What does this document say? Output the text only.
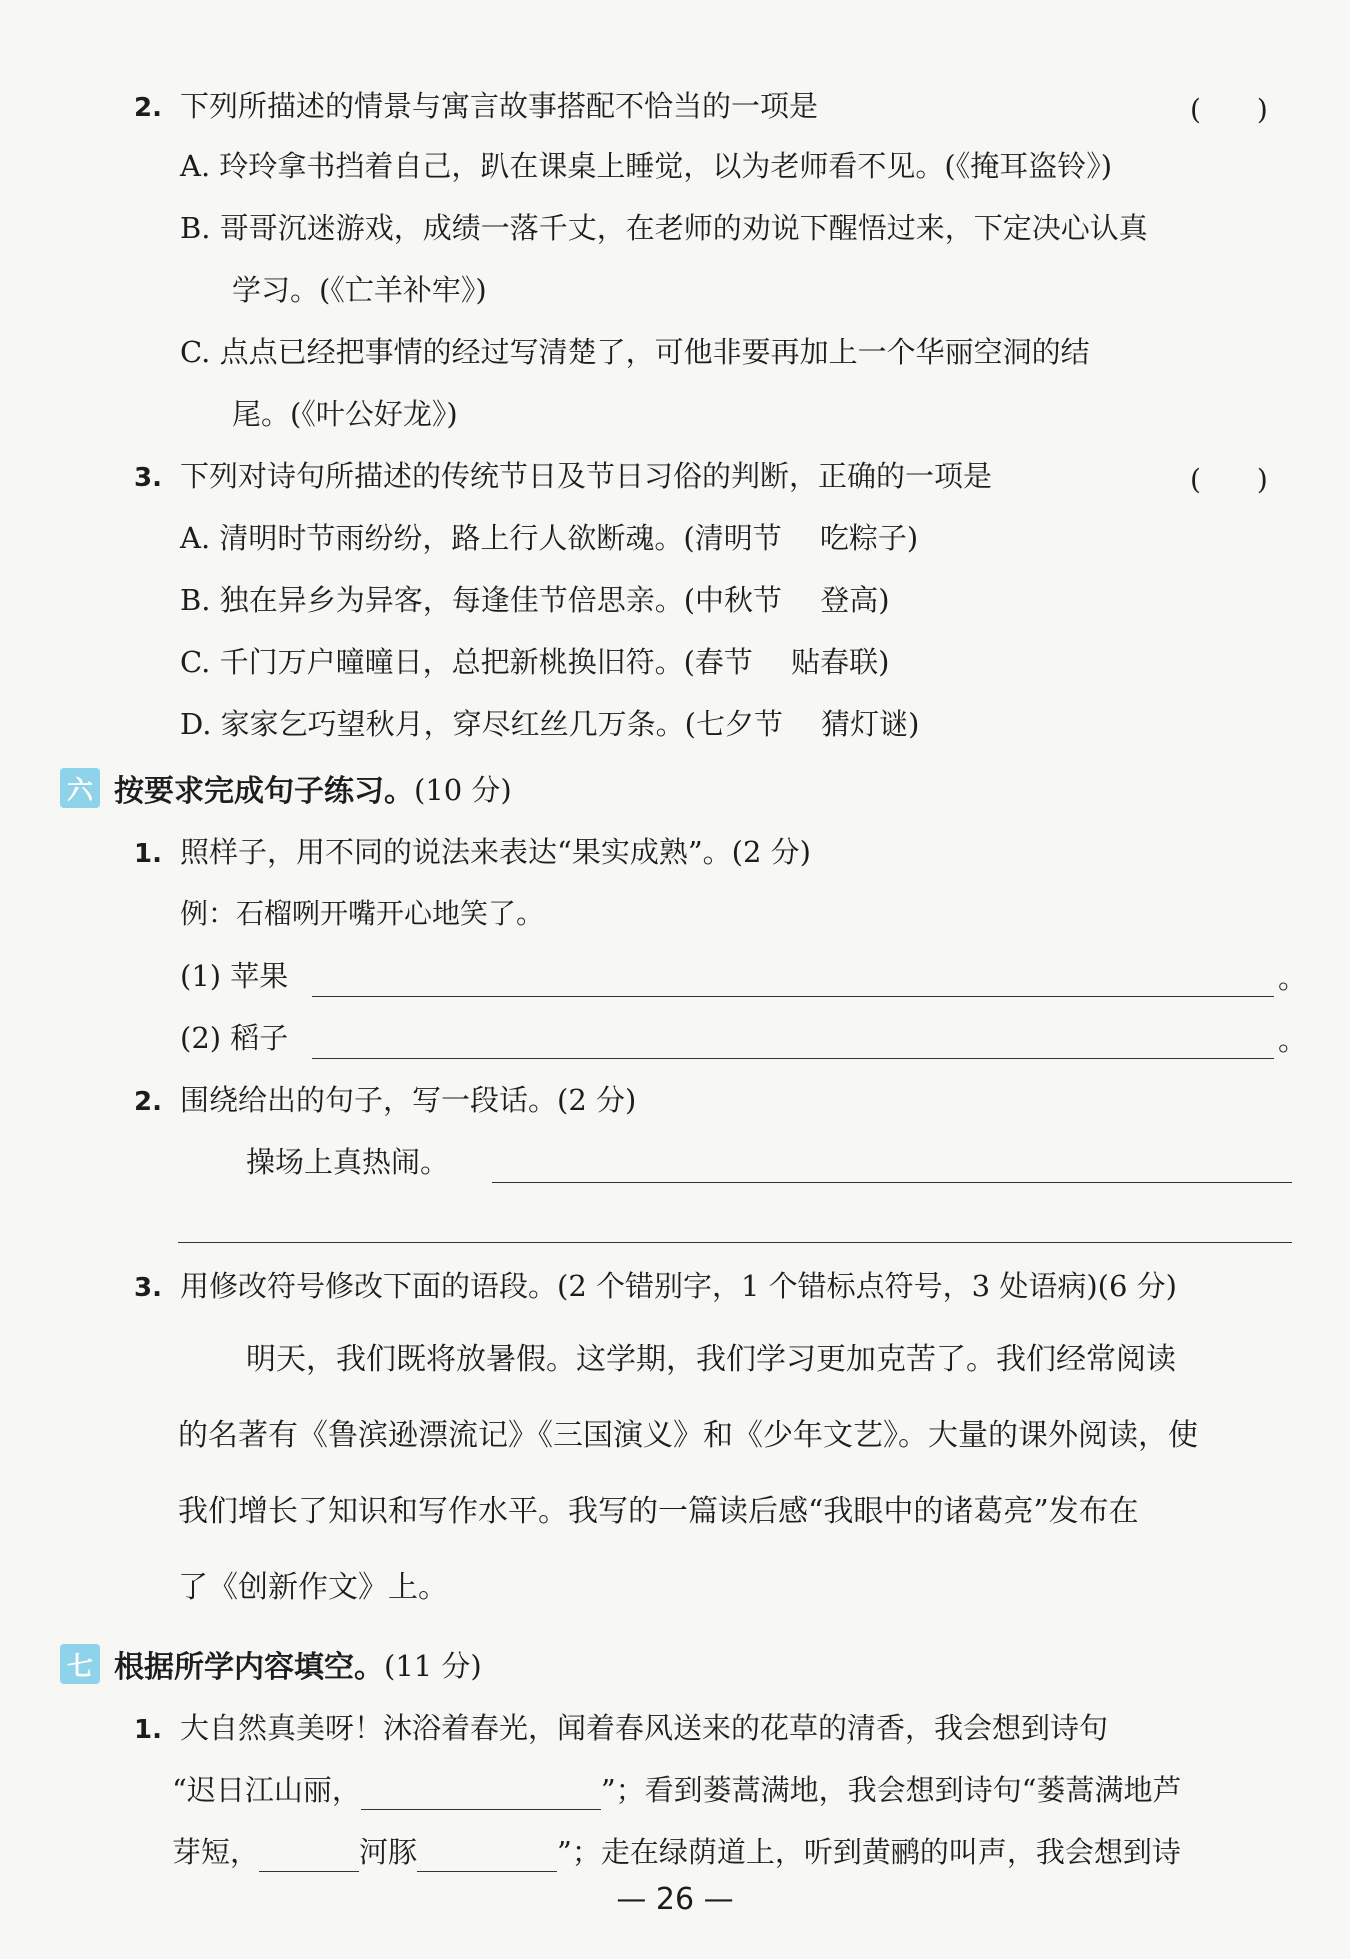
2. 下列所描述的情景与寓言故事搭配不恰当的一项是	(　　)
A. 玲玲拿书挡着自己，趴在课桌上睡觉，以为老师看不见。(《掩耳盗铃》)
B. 哥哥沉迷游戏，成绩一落千丈，在老师的劝说下醒悟过来，下定决心认真
学习。(《亡羊补牢》)
C. 点点已经把事情的经过写清楚了，可他非要再加上一个华丽空洞的结
尾。(《叶公好龙》)
3. 下列对诗句所描述的传统节日及节日习俗的判断，正确的一项是	(　　)
A. 清明时节雨纷纷，路上行人欲断魂。(清明节　 吃粽子)
B. 独在异乡为异客，每逢佳节倍思亲。(中秋节　 登高)
C. 千门万户曈曈日，总把新桃换旧符。(春节　 贴春联)
D. 家家乞巧望秋月，穿尽红丝几万条。(七夕节　 猜灯谜)
六 按要求完成句子练习。 (10 分)
1. 照样子，用不同的说法来表达“果实成熟”。(2 分)
例：石榴咧开嘴开心地笑了。
(1) 苹果	。
(2) 稻子	。
2. 围绕给出的句子，写一段话。(2 分)
操场上真热闹。
3. 用修改符号修改下面的语段。(2 个错别字，1 个错标点符号，3 处语病)(6 分)
明天，我们既将放暑假。这学期，我们学习更加克苦了。我们经常阅读
的名著有《鲁滨逊漂流记》《三国演义》和《少年文艺》。大量的课外阅读，使
我们增长了知识和写作水平。我写的一篇读后感“我眼中的诸葛亮”发布在
了《创新作文》上。
七 根据所学内容填空。 (11 分)
1. 大自然真美呀！沐浴着春光，闻着春风送来的花草的清香，我会想到诗句
“迟日江山丽，	”；看到蒌蒿满地，我会想到诗句“蒌蒿满地芦
芽短，	河豚	”；走在绿荫道上，听到黄鹂的叫声，我会想到诗
— 26 —
